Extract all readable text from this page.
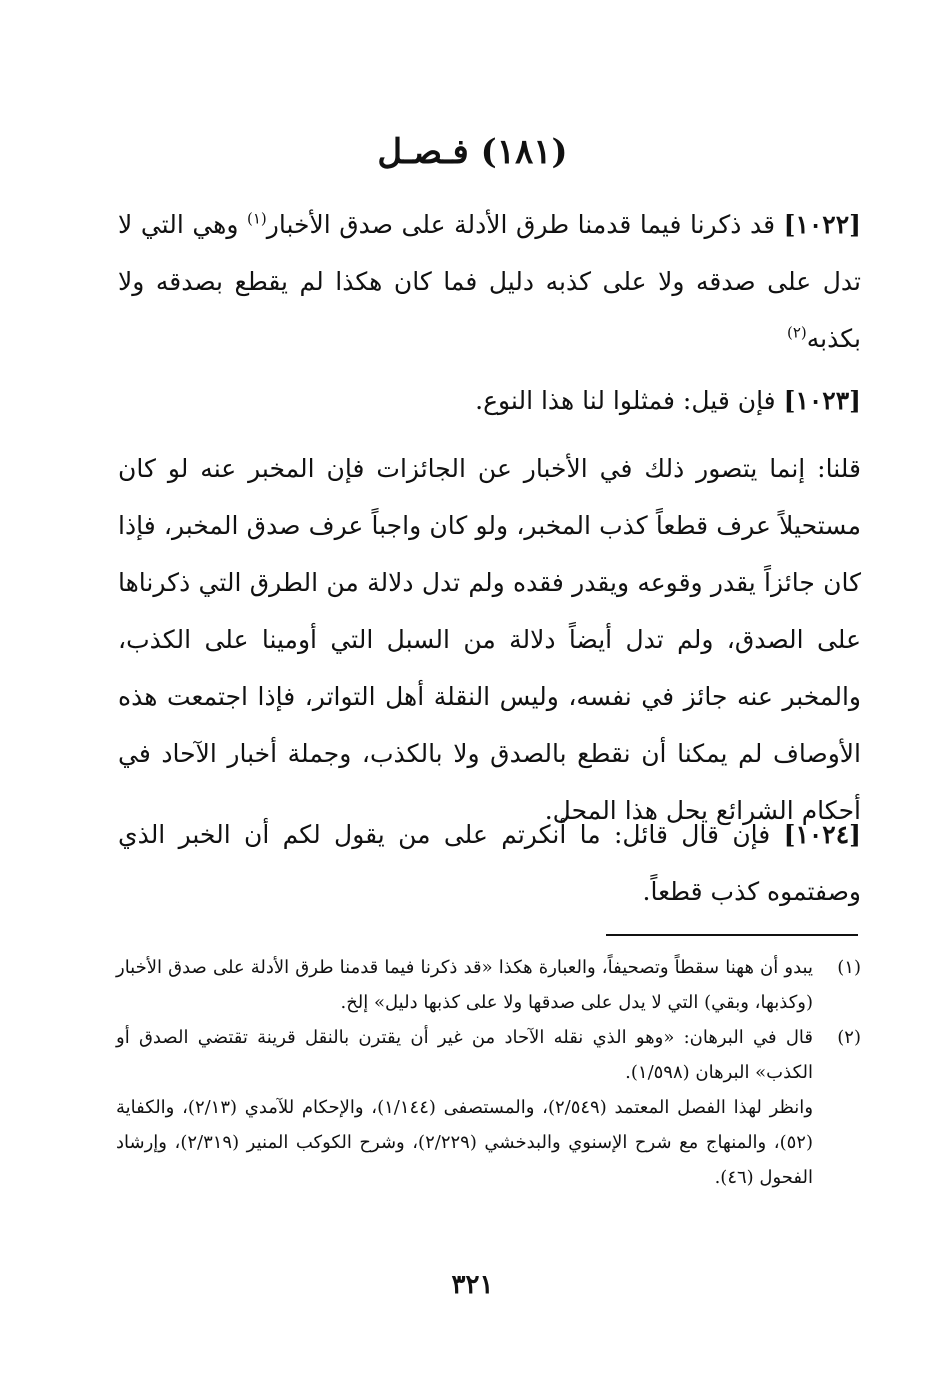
(١٨١) فـصـل

[١٠٢٢] قد ذكرنا فيما قدمنا طرق الأدلة على صدق الأخبار$^{(١)}$ وهي التي لا تدل على صدقه ولا على كذبه دليل فما كان هكذا لم يقطع بصدقه ولا بكذبه$^{(٢)}$

[١٠٢٣] فإن قيل: فمثلوا لنا هذا النوع.

قلنا: إنما يتصور ذلك في الأخبار عن الجائزات فإن المخبر عنه لو كان مستحيلاً عرف قطعاً كذب المخبر، ولو كان واجباً عرف صدق المخبر، فإذا كان جائزاً يقدر وقوعه ويقدر فقده ولم تدل دلالة من الطرق التي ذكرناها على الصدق، ولم تدل أيضاً دلالة من السبل التي أومينا على الكذب، والمخبر عنه جائز في نفسه، وليس النقلة أهل التواتر، فإذا اجتمعت هذه الأوصاف لم يمكنا أن نقطع بالصدق ولا بالكذب، وجملة أخبار الآحاد في أحكام الشرائع يحل هذا المحل.

[١٠٢٤] فإن قال قائل: ما أنكرتم على من يقول لكم أن الخبر الذي وصفتموه كذب قطعاً.

(١)يبدو أن ههنا سقطاً وتصحيفاً، والعبارة هكذا «قد ذكرنا فيما قدمنا طرق الأدلة على صدق الأخبار (وكذبها، وبقي) التي لا يدل على صدقها ولا على كذبها دليل» إلخ.

(٢)قال في البرهان: «وهو الذي نقله الآحاد من غير أن يقترن بالنقل قرينة تقتضي الصدق أو الكذب» البرهان (١/٥٩٨).

وانظر لهذا الفصل المعتمد (٢/٥٤٩)، والمستصفى (١/١٤٤)، والإحكام للآمدي (٢/١٣)، والكفاية (٥٢)، والمنهاج مع شرح الإسنوي والبدخشي (٢/٢٢٩)، وشرح الكوكب المنير (٢/٣١٩)، وإرشاد الفحول (٤٦).

٣٢١
